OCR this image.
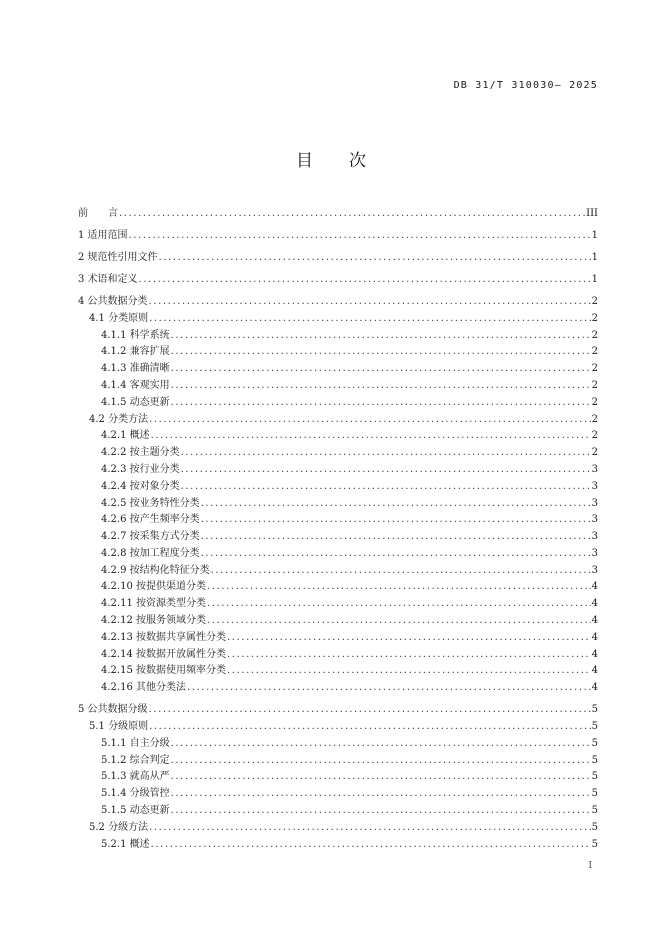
DB 31/T 310030— 2025
目 次
前　　言 .....	III
1 适用范围 .....	1
2 规范性引用文件 .....	1
3 术语和定义 .....	1
4 公共数据分类 .....	2
4.1 分类原则 .....	2
4.1.1 科学系统 .....	2
4.1.2 兼容扩展 .....	2
4.1.3 准确清晰 .....	2
4.1.4 客观实用 .....	2
4.1.5 动态更新 .....	2
4.2 分类方法 .....	2
4.2.1 概述 .....	2
4.2.2 按主题分类 .....	2
4.2.3 按行业分类 .....	3
4.2.4 按对象分类 .....	3
4.2.5 按业务特性分类 .....	3
4.2.6 按产生频率分类 .....	3
4.2.7 按采集方式分类 .....	3
4.2.8 按加工程度分类 .....	3
4.2.9 按结构化特征分类 .....	3
4.2.10 按提供渠道分类 .....	4
4.2.11 按资源类型分类 .....	4
4.2.12 按服务领域分类 .....	4
4.2.13 按数据共享属性分类 .....	4
4.2.14 按数据开放属性分类 .....	4
4.2.15 按数据使用频率分类 .....	4
4.2.16 其他分类法 .....	4
5 公共数据分级 .....	5
5.1 分级原则 .....	5
5.1.1 自主分级 .....	5
5.1.2 综合判定 .....	5
5.1.3 就高从严 .....	5
5.1.4 分级管控 .....	5
5.1.5 动态更新 .....	5
5.2 分级方法 .....	5
5.2.1 概述 .....	5
I
